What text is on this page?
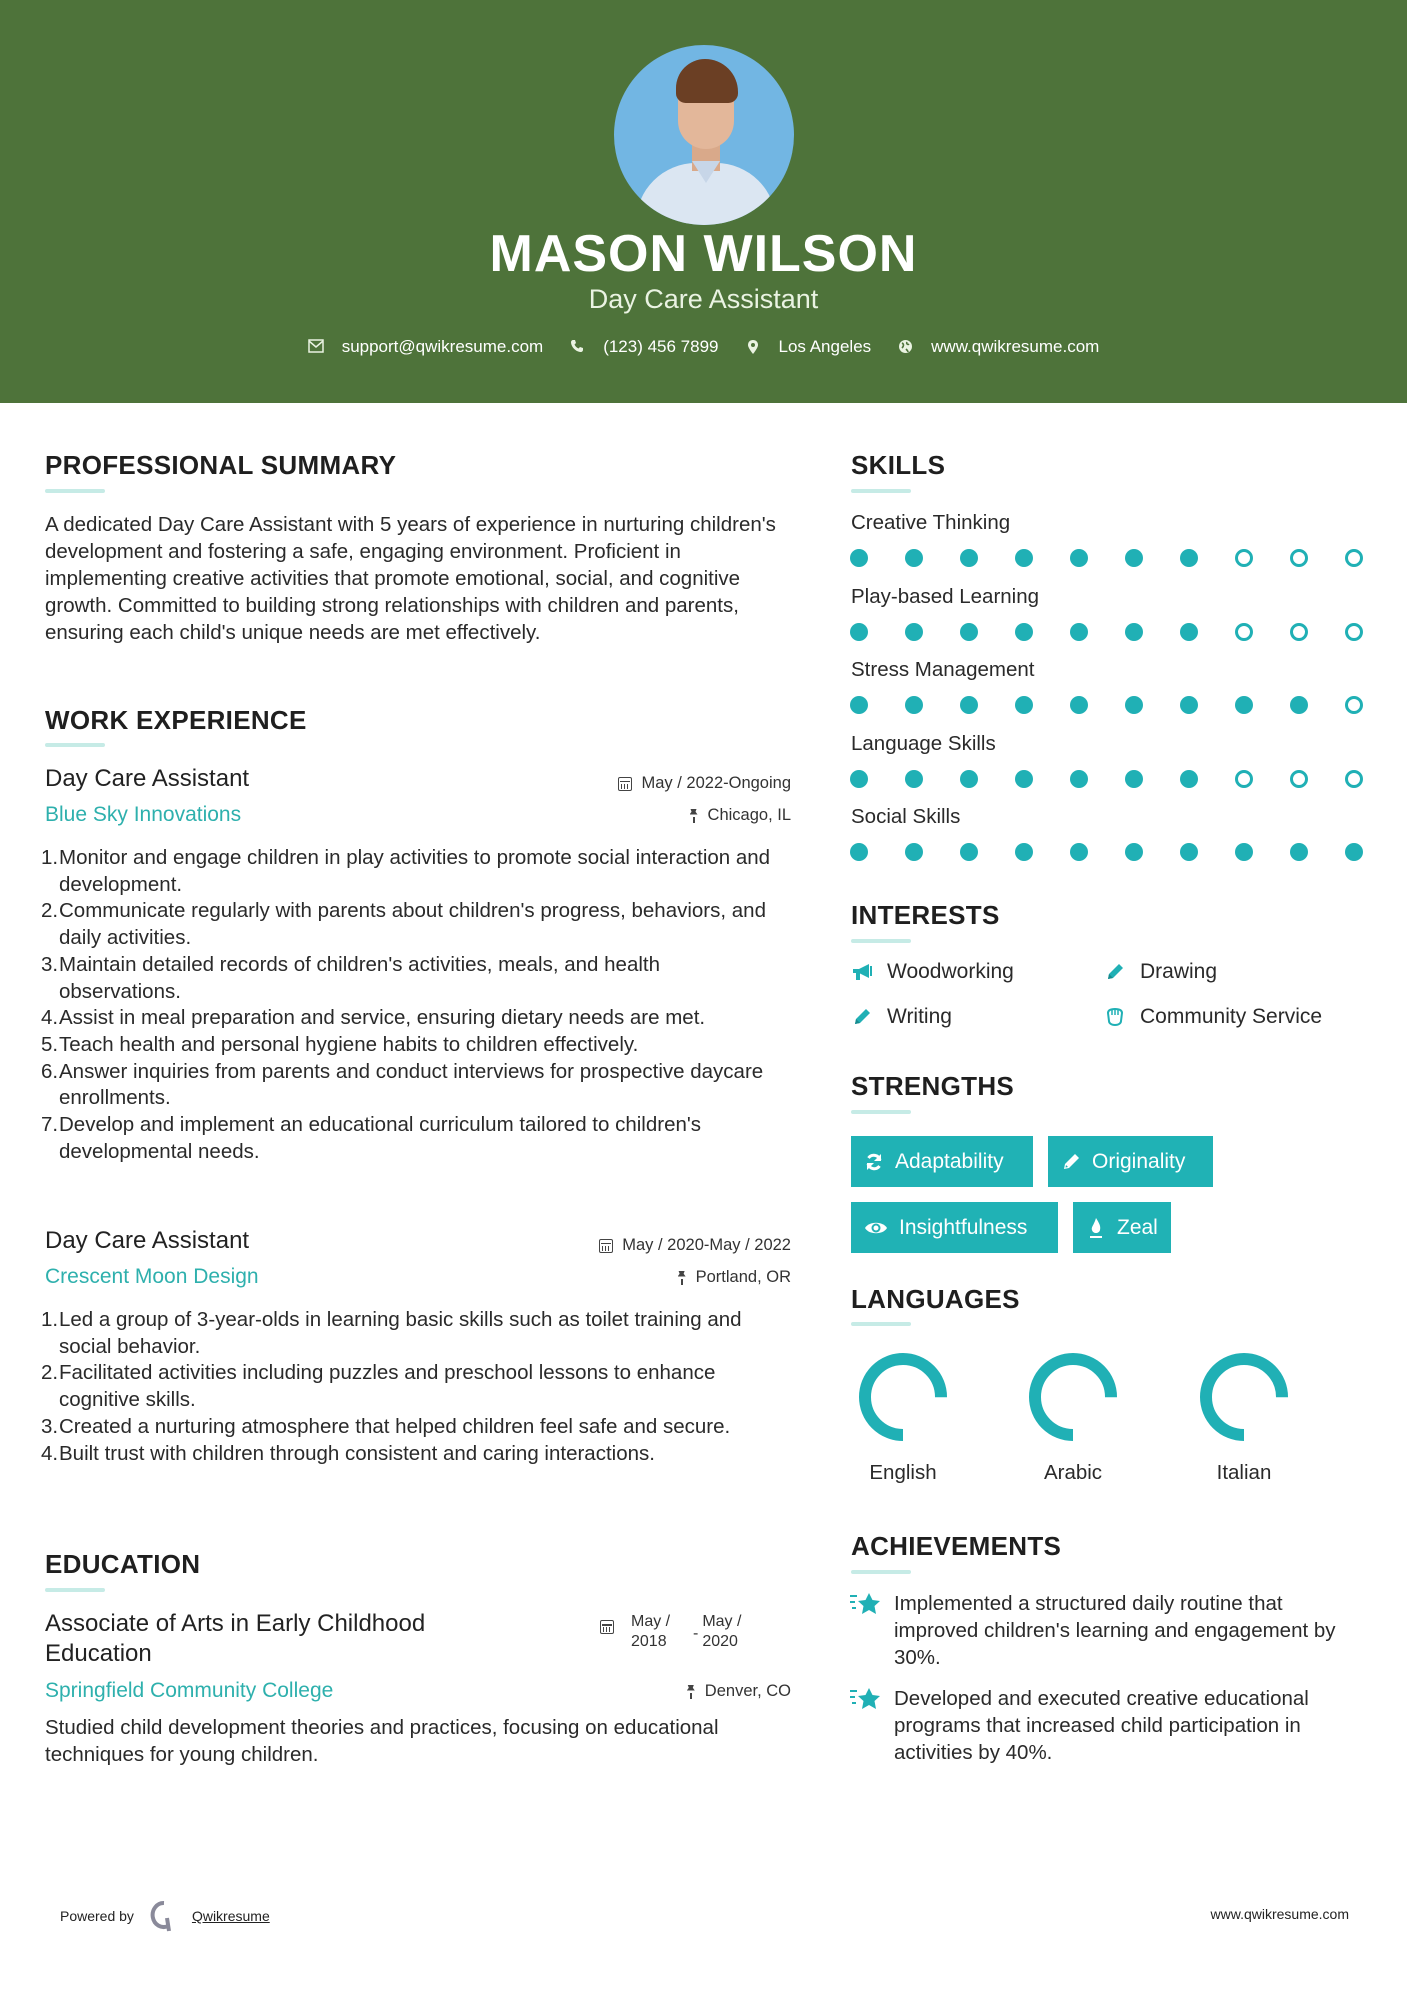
MASON WILSON
Day Care Assistant
support@qwikresume.com	(123) 456 7899	Los Angeles	www.qwikresume.com
PROFESSIONAL SUMMARY
A dedicated Day Care Assistant with 5 years of experience in nurturing children's development and fostering a safe, engaging environment. Proficient in implementing creative activities that promote emotional, social, and cognitive growth. Committed to building strong relationships with children and parents, ensuring each child's unique needs are met effectively.
WORK EXPERIENCE
Day Care Assistant	May / 2022-Ongoing
Blue Sky Innovations	Chicago, IL
Monitor and engage children in play activities to promote social interaction and development.
Communicate regularly with parents about children's progress, behaviors, and daily activities.
Maintain detailed records of children's activities, meals, and health observations.
Assist in meal preparation and service, ensuring dietary needs are met.
Teach health and personal hygiene habits to children effectively.
Answer inquiries from parents and conduct interviews for prospective daycare enrollments.
Develop and implement an educational curriculum tailored to children's developmental needs.
Day Care Assistant	May / 2020-May / 2022
Crescent Moon Design	Portland, OR
Led a group of 3-year-olds in learning basic skills such as toilet training and social behavior.
Facilitated activities including puzzles and preschool lessons to enhance cognitive skills.
Created a nurturing atmosphere that helped children feel safe and secure.
Built trust with children through consistent and caring interactions.
EDUCATION
Associate of Arts in Early Childhood Education
May /
2018	-
May /
2020
Springfield Community College	Denver, CO
Studied child development theories and practices, focusing on educational techniques for young children.
SKILLS
Creative Thinking
Play-based Learning
Stress Management
Language Skills
Social Skills
INTERESTS
Woodworking	Drawing
Writing	Community Service
STRENGTHS
Adaptability	Originality
Insightfulness	Zeal
LANGUAGES
English	Arabic	Italian
ACHIEVEMENTS
Implemented a structured daily routine that improved children's learning and engagement by 30%.
Developed and executed creative educational programs that increased child participation in activities by 40%.
Powered by	Qwikresume	www.qwikresume.com
